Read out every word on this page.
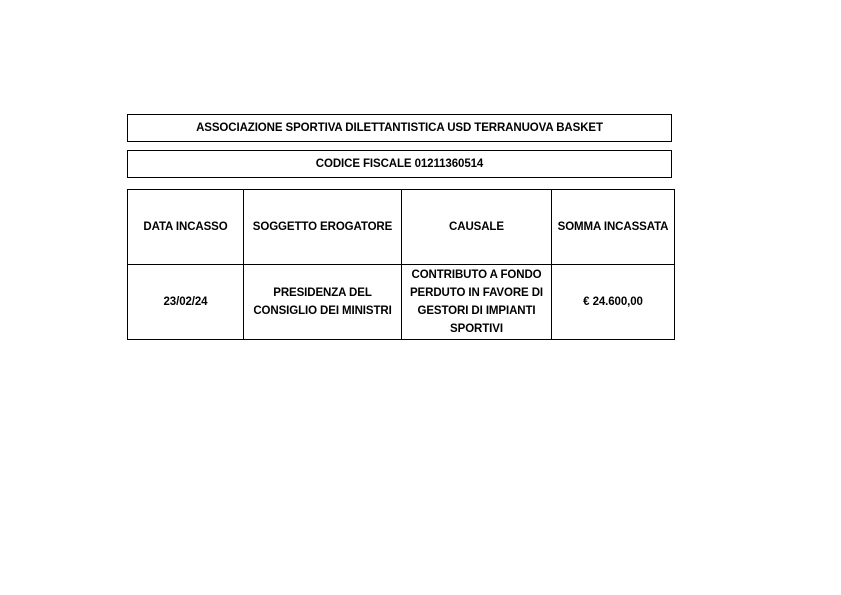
ASSOCIAZIONE SPORTIVA DILETTANTISTICA USD TERRANUOVA BASKET
CODICE FISCALE 01211360514
DATA INCASSO	SOGGETTO EROGATORE	CAUSALE	SOMMA INCASSATA
23/02/24	PRESIDENZA DEL CONSIGLIO DEI MINISTRI	CONTRIBUTO A FONDO PERDUTO IN FAVORE DI GESTORI DI IMPIANTI SPORTIVI	€ 24.600,00
